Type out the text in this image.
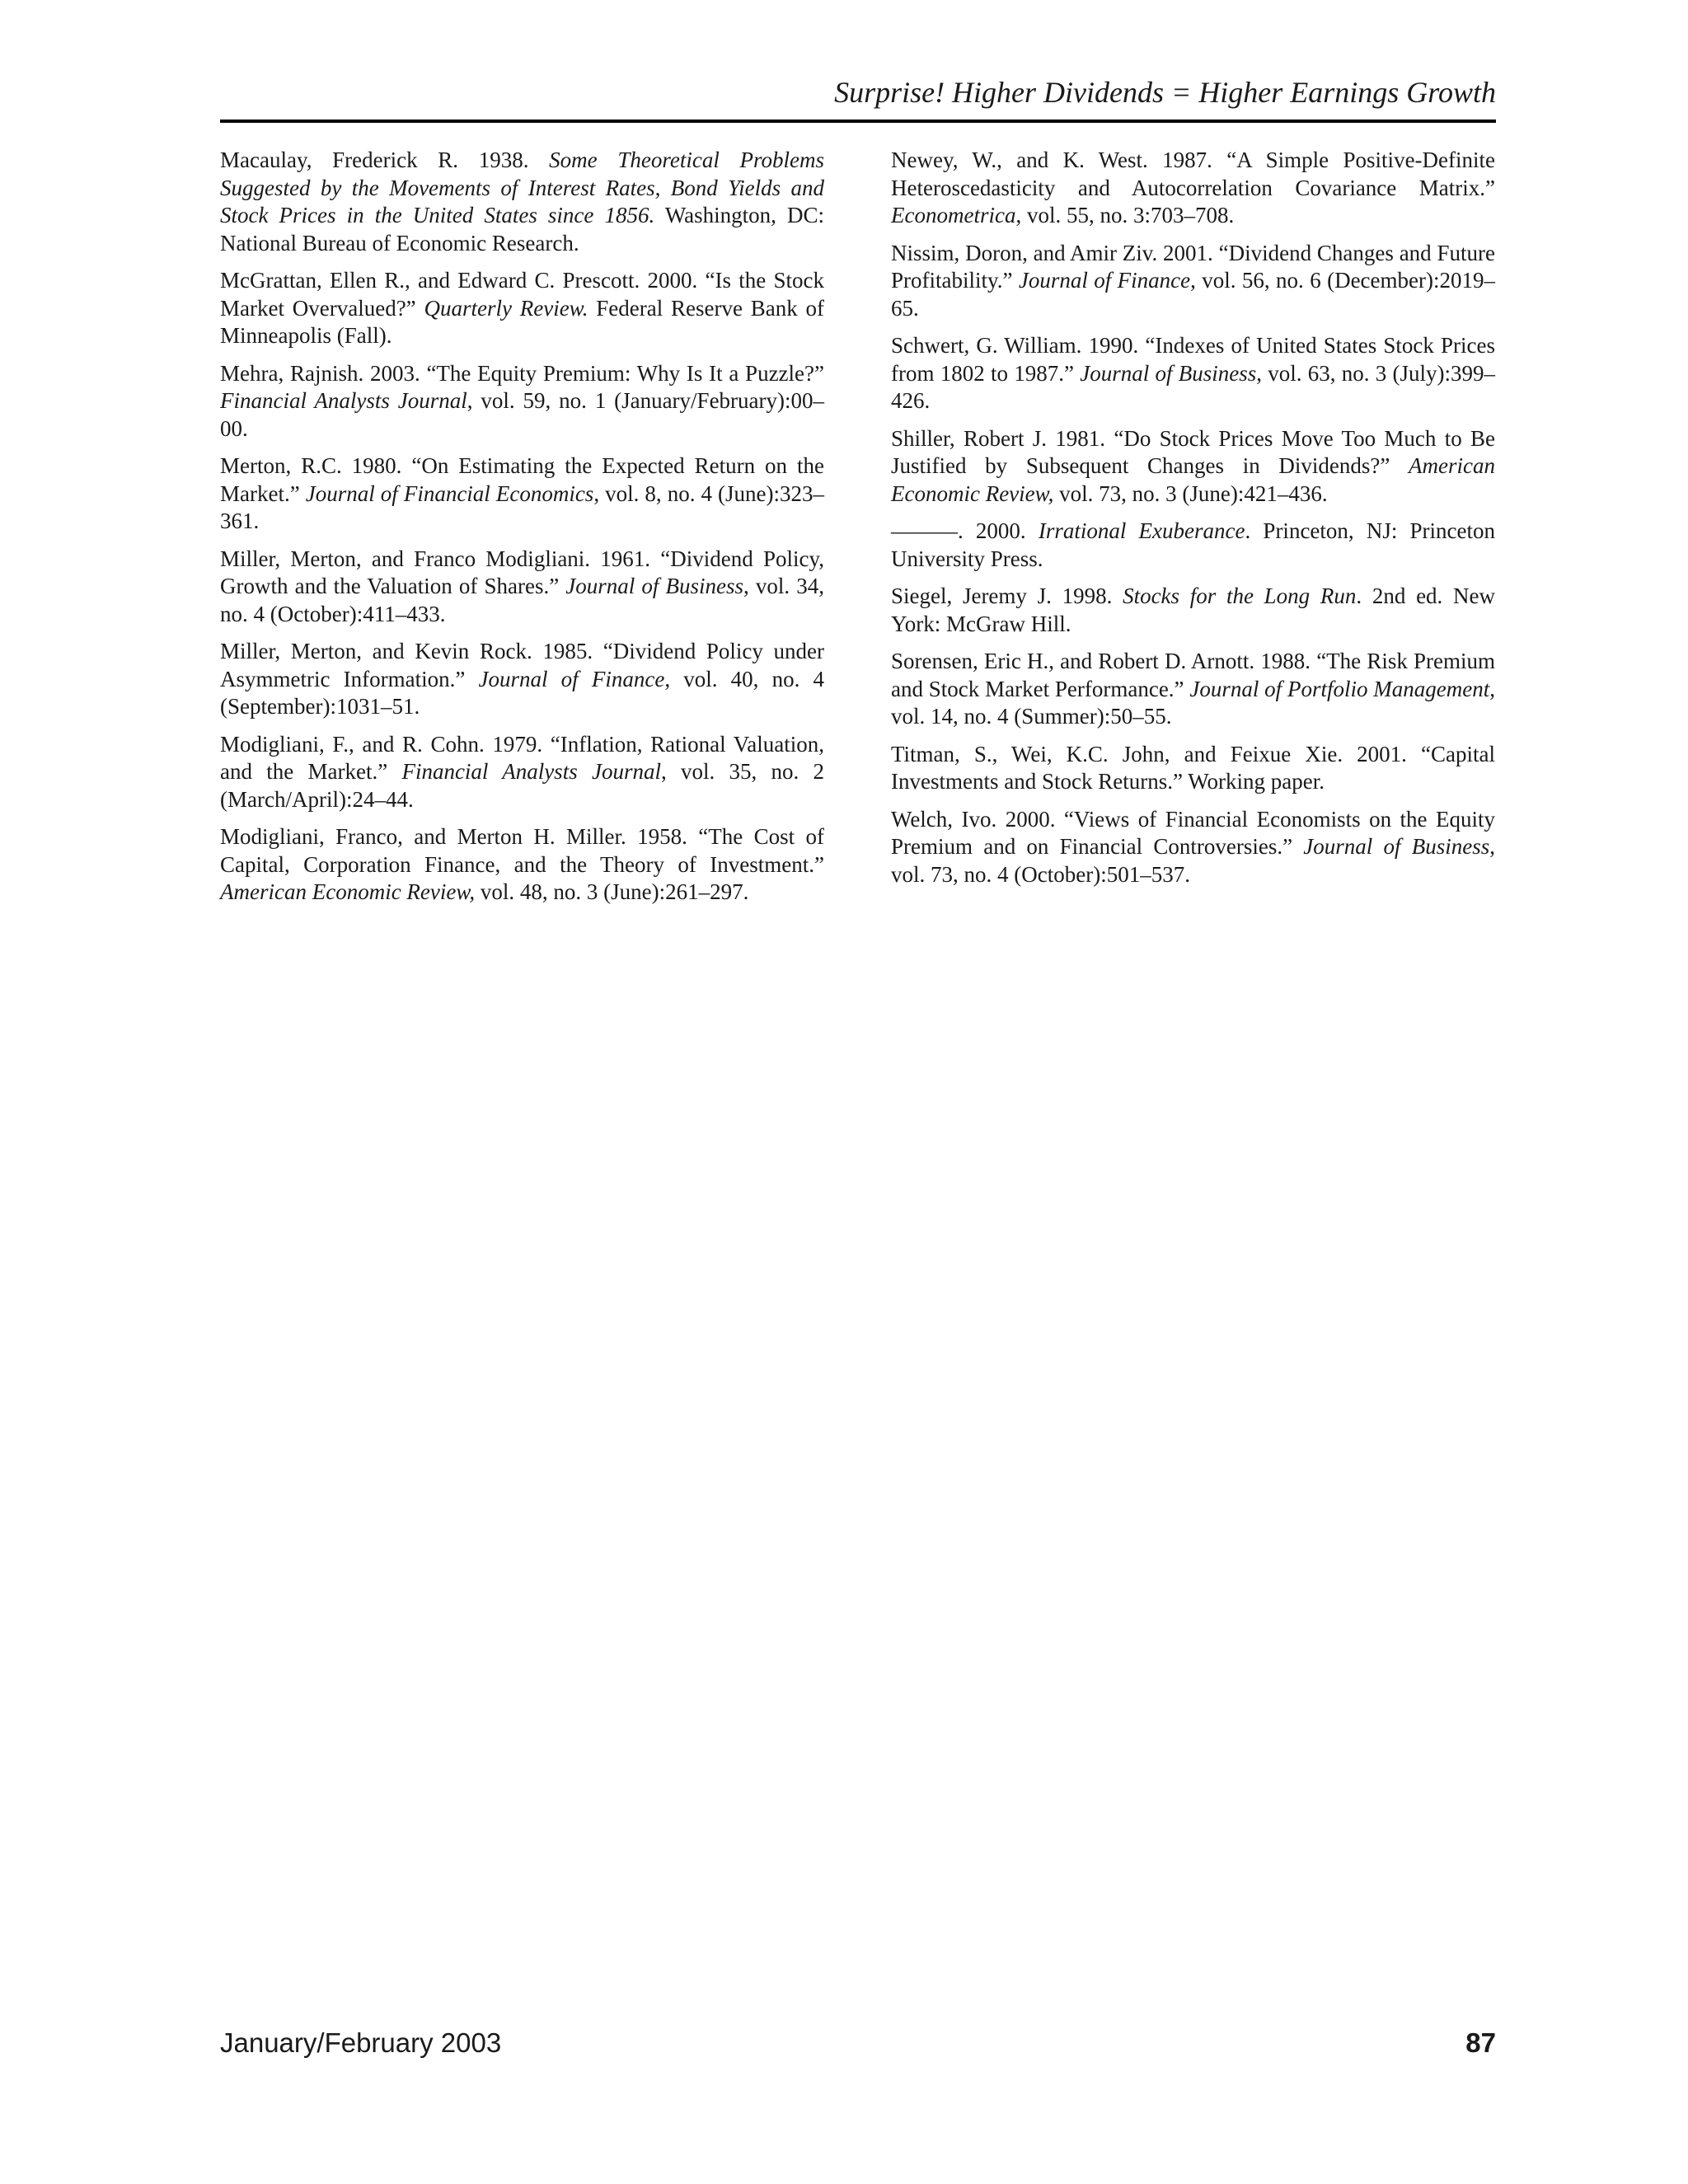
Surprise! Higher Dividends = Higher Earnings Growth

Macaulay, Frederick R. 1938. Some Theoretical Problems Suggested by the Movements of Interest Rates, Bond Yields and Stock Prices in the United States since 1856. Washington, DC: National Bureau of Economic Research.

McGrattan, Ellen R., and Edward C. Prescott. 2000. “Is the Stock Market Overvalued?” Quarterly Review. Federal Reserve Bank of Minneapolis (Fall).

Mehra, Rajnish. 2003. “The Equity Premium: Why Is It a Puzzle?” Financial Analysts Journal, vol. 59, no. 1 (January/February):00–00.

Merton, R.C. 1980. “On Estimating the Expected Return on the Market.” Journal of Financial Economics, vol. 8, no. 4 (June):323–361.

Miller, Merton, and Franco Modigliani. 1961. “Dividend Policy, Growth and the Valuation of Shares.” Journal of Business, vol. 34, no. 4 (October):411–433.

Miller, Merton, and Kevin Rock. 1985. “Dividend Policy under Asymmetric Information.” Journal of Finance, vol. 40, no. 4 (September):1031–51.

Modigliani, F., and R. Cohn. 1979. “Inflation, Rational Valuation, and the Market.” Financial Analysts Journal, vol. 35, no. 2 (March/April):24–44.

Modigliani, Franco, and Merton H. Miller. 1958. “The Cost of Capital, Corporation Finance, and the Theory of Investment.” American Economic Review, vol. 48, no. 3 (June):261–297.

Newey, W., and K. West. 1987. “A Simple Positive-Definite Heteroscedasticity and Autocorrelation Covariance Matrix.” Econometrica, vol. 55, no. 3:703–708.

Nissim, Doron, and Amir Ziv. 2001. “Dividend Changes and Future Profitability.” Journal of Finance, vol. 56, no. 6 (December):2019–65.

Schwert, G. William. 1990. “Indexes of United States Stock Prices from 1802 to 1987.” Journal of Business, vol. 63, no. 3 (July):399–426.

Shiller, Robert J. 1981. “Do Stock Prices Move Too Much to Be Justified by Subsequent Changes in Dividends?” American Economic Review, vol. 73, no. 3 (June):421–436.

———. 2000. Irrational Exuberance. Princeton, NJ: Princeton University Press.

Siegel, Jeremy J. 1998. Stocks for the Long Run. 2nd ed. New York: McGraw Hill.

Sorensen, Eric H., and Robert D. Arnott. 1988. “The Risk Premium and Stock Market Performance.” Journal of Portfolio Management, vol. 14, no. 4 (Summer):50–55.

Titman, S., Wei, K.C. John, and Feixue Xie. 2001. “Capital Investments and Stock Returns.” Working paper.

Welch, Ivo. 2000. “Views of Financial Economists on the Equity Premium and on Financial Controversies.” Journal of Business, vol. 73, no. 4 (October):501–537.

January/February 2003	87
